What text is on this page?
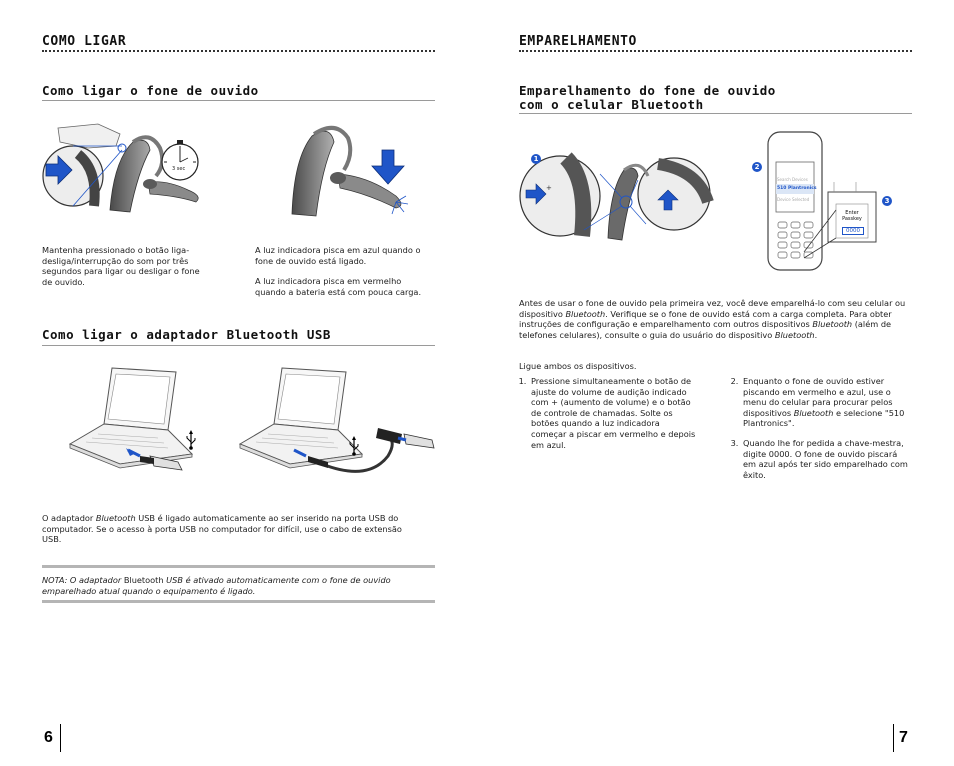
COMO LIGAR
Como ligar o fone de ouvido
3 sec
Mantenha pressionado o botão liga-desliga/interrupção do som por três segundos para ligar ou desligar o fone de ouvido.
A luz indicadora pisca em azul quando o fone de ouvido está ligado.
A luz indicadora pisca em vermelho quando a bateria está com pouca carga.
Como ligar o adaptador Bluetooth USB
O adaptador Bluetooth USB é ligado automaticamente ao ser inserido na porta USB do computador. Se o acesso à porta USB no computador for difícil, use o cabo de extensão USB.
NOTA: O adaptador Bluetooth USB é ativado automaticamente com o fone de ouvido emparelhado atual quando o equipamento é ligado.
6
EMPARELHAMENTO
Emparelhamento do fone de ouvido
com o celular Bluetooth
+
1
Search Devices
510 Plantronics
Device Selected
Enter
Passkey
0000
2
3
Antes de usar o fone de ouvido pela primeira vez, você deve emparelhá-lo com seu celular ou dispositivo Bluetooth. Verifique se o fone de ouvido está com a carga completa. Para obter instruções de configuração e emparelhamento com outros dispositivos Bluetooth (além de telefones celulares), consulte o guia do usuário do dispositivo Bluetooth.
Ligue ambos os dispositivos.
1. Pressione simultaneamente o botão de ajuste do volume de audição indicado com + (aumento de volume) e o botão de controle de chamadas. Solte os botões quando a luz indicadora começar a piscar em vermelho e depois em azul.
2. Enquanto o fone de ouvido estiver piscando em vermelho e azul, use o menu do celular para procurar pelos dispositivos Bluetooth e selecione "510 Plantronics".
3. Quando lhe for pedida a chave-mestra, digite 0000. O fone de ouvido piscará em azul após ter sido emparelhado com êxito.
7
